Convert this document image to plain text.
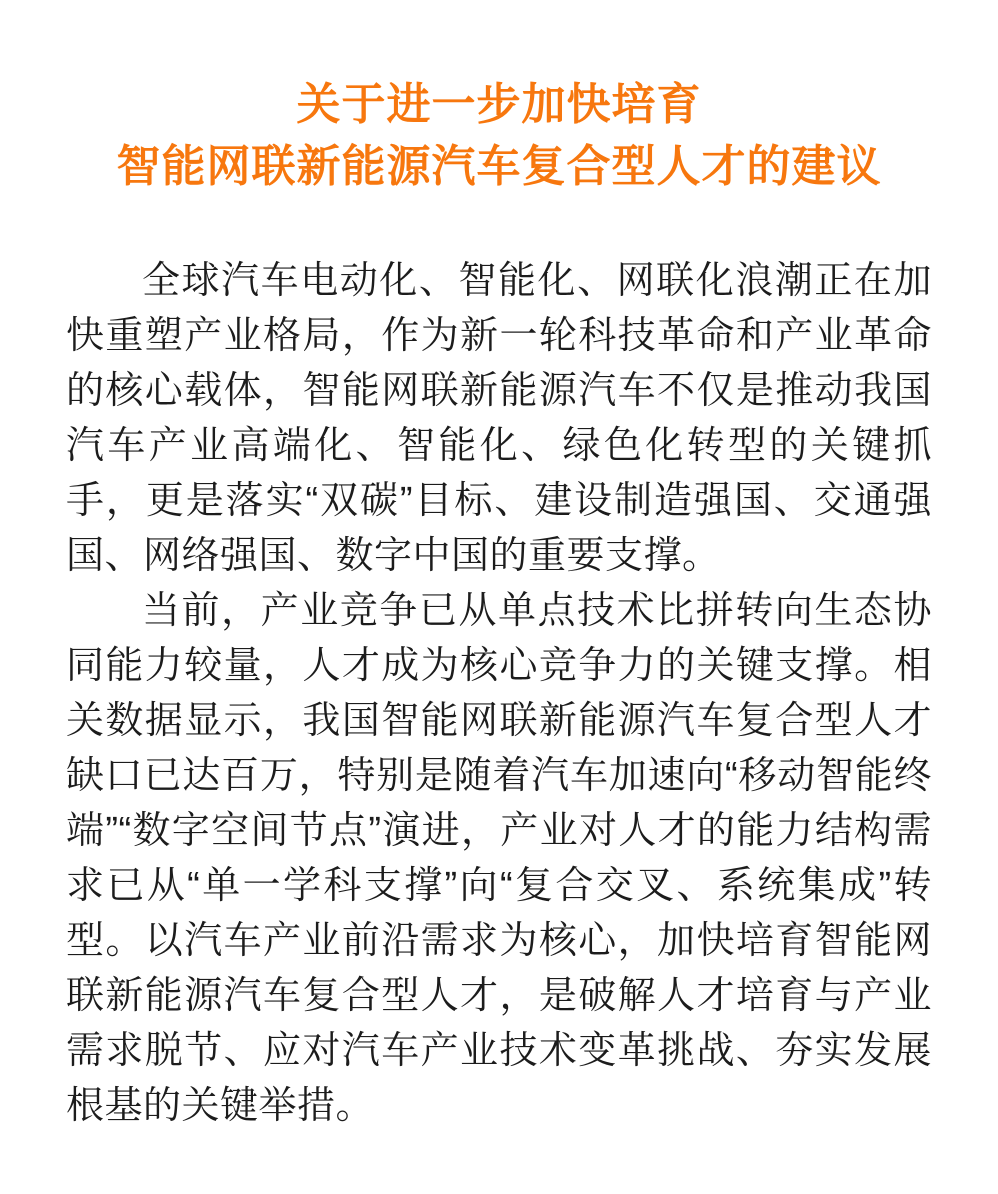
关于进一步加快培育
智能网联新能源汽车复合型人才的建议

全球汽车电动化、智能化、网联化浪潮正在加快重塑产业格局，作为新一轮科技革命和产业革命的核心载体，智能网联新能源汽车不仅是推动我国汽车产业高端化、智能化、绿色化转型的关键抓手，更是落实“双碳”目标、建设制造强国、交通强国、网络强国、数字中国的重要支撑。

当前，产业竞争已从单点技术比拼转向生态协同能力较量，人才成为核心竞争力的关键支撑。相关数据显示，我国智能网联新能源汽车复合型人才缺口已达百万，特别是随着汽车加速向“移动智能终端”“数字空间节点”演进，产业对人才的能力结构需求已从“单一学科支撑”向“复合交叉、系统集成”转型。以汽车产业前沿需求为核心，加快培育智能网联新能源汽车复合型人才，是破解人才培育与产业需求脱节、应对汽车产业技术变革挑战、夯实发展根基的关键举措。
